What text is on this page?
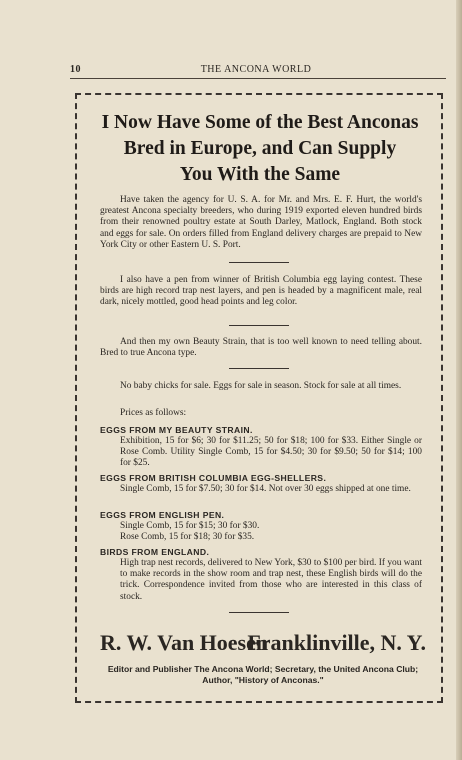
10	THE ANCONA WORLD
I Now Have Some of the Best Anconas
Bred in Europe, and Can Supply
You With the Same
Have taken the agency for U. S. A. for Mr. and Mrs. E. F. Hurt, the world's greatest Ancona specialty breeders, who during 1919 exported eleven hundred birds from their renowned poultry estate at South Darley, Matlock, England. Both stock and eggs for sale. On orders filled from England delivery charges are prepaid to New York City or other Eastern U. S. Port.
I also have a pen from winner of British Columbia egg laying contest. These birds are high record trap nest layers, and pen is headed by a magnificent male, real dark, nicely mottled, good head points and leg color.
And then my own Beauty Strain, that is too well known to need telling about. Bred to true Ancona type.
No baby chicks for sale. Eggs for sale in season. Stock for sale at all times.
Prices as follows:
EGGS FROM MY BEAUTY STRAIN.
Exhibition, 15 for $6; 30 for $11.25; 50 for $18; 100 for $33. Either Single or Rose Comb. Utility Single Comb, 15 for $4.50; 30 for $9.50; 50 for $14; 100 for $25.
EGGS FROM BRITISH COLUMBIA EGG-SHELLERS.
Single Comb, 15 for $7.50; 30 for $14. Not over 30 eggs shipped at one time.
EGGS FROM ENGLISH PEN.
Single Comb, 15 for $15; 30 for $30.
Rose Comb, 15 for $18; 30 for $35.
BIRDS FROM ENGLAND.
High trap nest records, delivered to New York, $30 to $100 per bird. If you want to make records in the show room and trap nest, these English birds will do the trick. Correspondence invited from those who are interested in this class of stock.
R. W. Van Hoesen
Franklinville, N. Y.
Editor and Publisher The Ancona World; Secretary, the United Ancona Club; Author, "History of Anconas."
